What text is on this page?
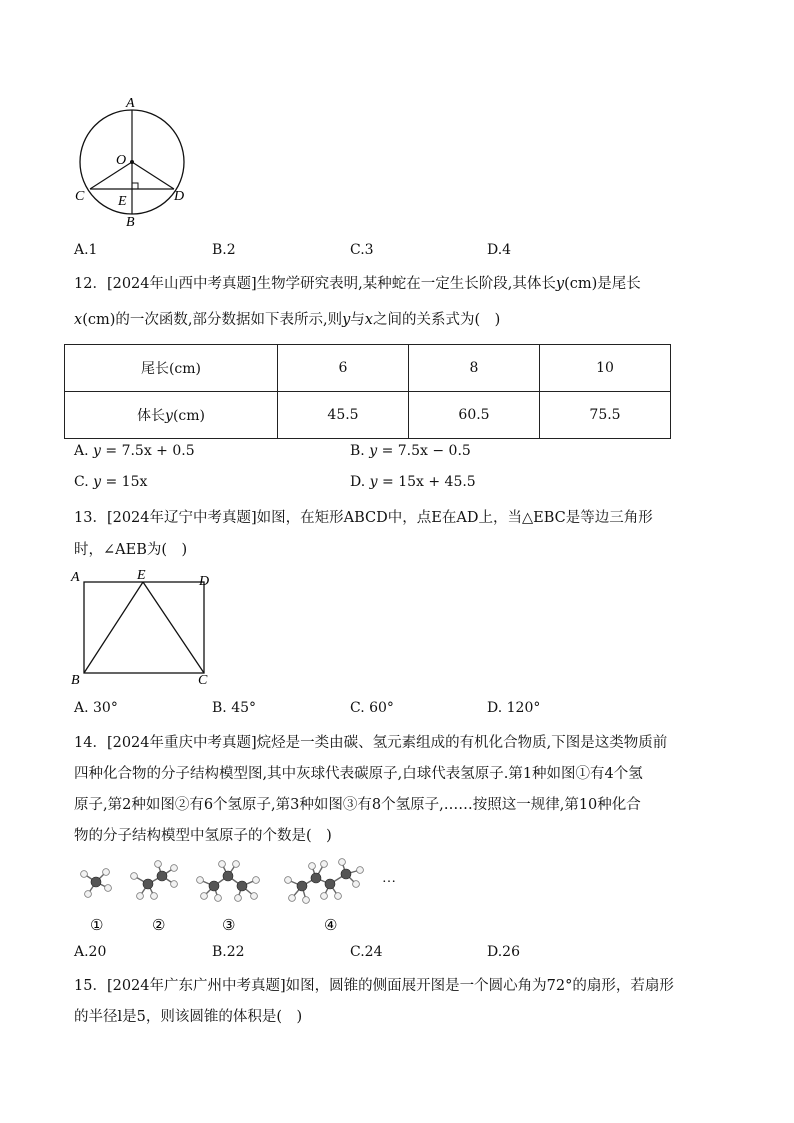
A
O
C E
B
D
A.1	B.2	C.3	D.4
12．[2024年山西中考真题]生物学研究表明,某种蛇在一定生长阶段,其体长y(cm)是尾长
x(cm)的一次函数,部分数据如下表所示,则y与x之间的关系式为(　)
尾长(cm)	6	8	10
体长y(cm)	45.5	60.5	75.5
A. y = 7.5x + 0.5	B. y = 7.5x − 0.5
C. y = 15x	D. y = 15x + 45.5
13．[2024年辽宁中考真题]如图，在矩形ABCD中，点E在AD上，当△EBC是等边三角形
时，∠AEB为(　)
A	E	D
B	C
A. 30°	B. 45°	C. 60°	D. 120°
14．[2024年重庆中考真题]烷烃是一类由碳、氢元素组成的有机化合物质,下图是这类物质前
四种化合物的分子结构模型图,其中灰球代表碳原子,白球代表氢原子.第1种如图①有4个氢
原子,第2种如图②有6个氢原子,第3种如图③有8个氢原子,……按照这一规律,第10种化合
物的分子结构模型中氢原子的个数是(　)
…
①	②	③	④
A.20	B.22	C.24	D.26
15．[2024年广东广州中考真题]如图，圆锥的侧面展开图是一个圆心角为72°的扇形，若扇形
的半径l是5，则该圆锥的体积是(　)
